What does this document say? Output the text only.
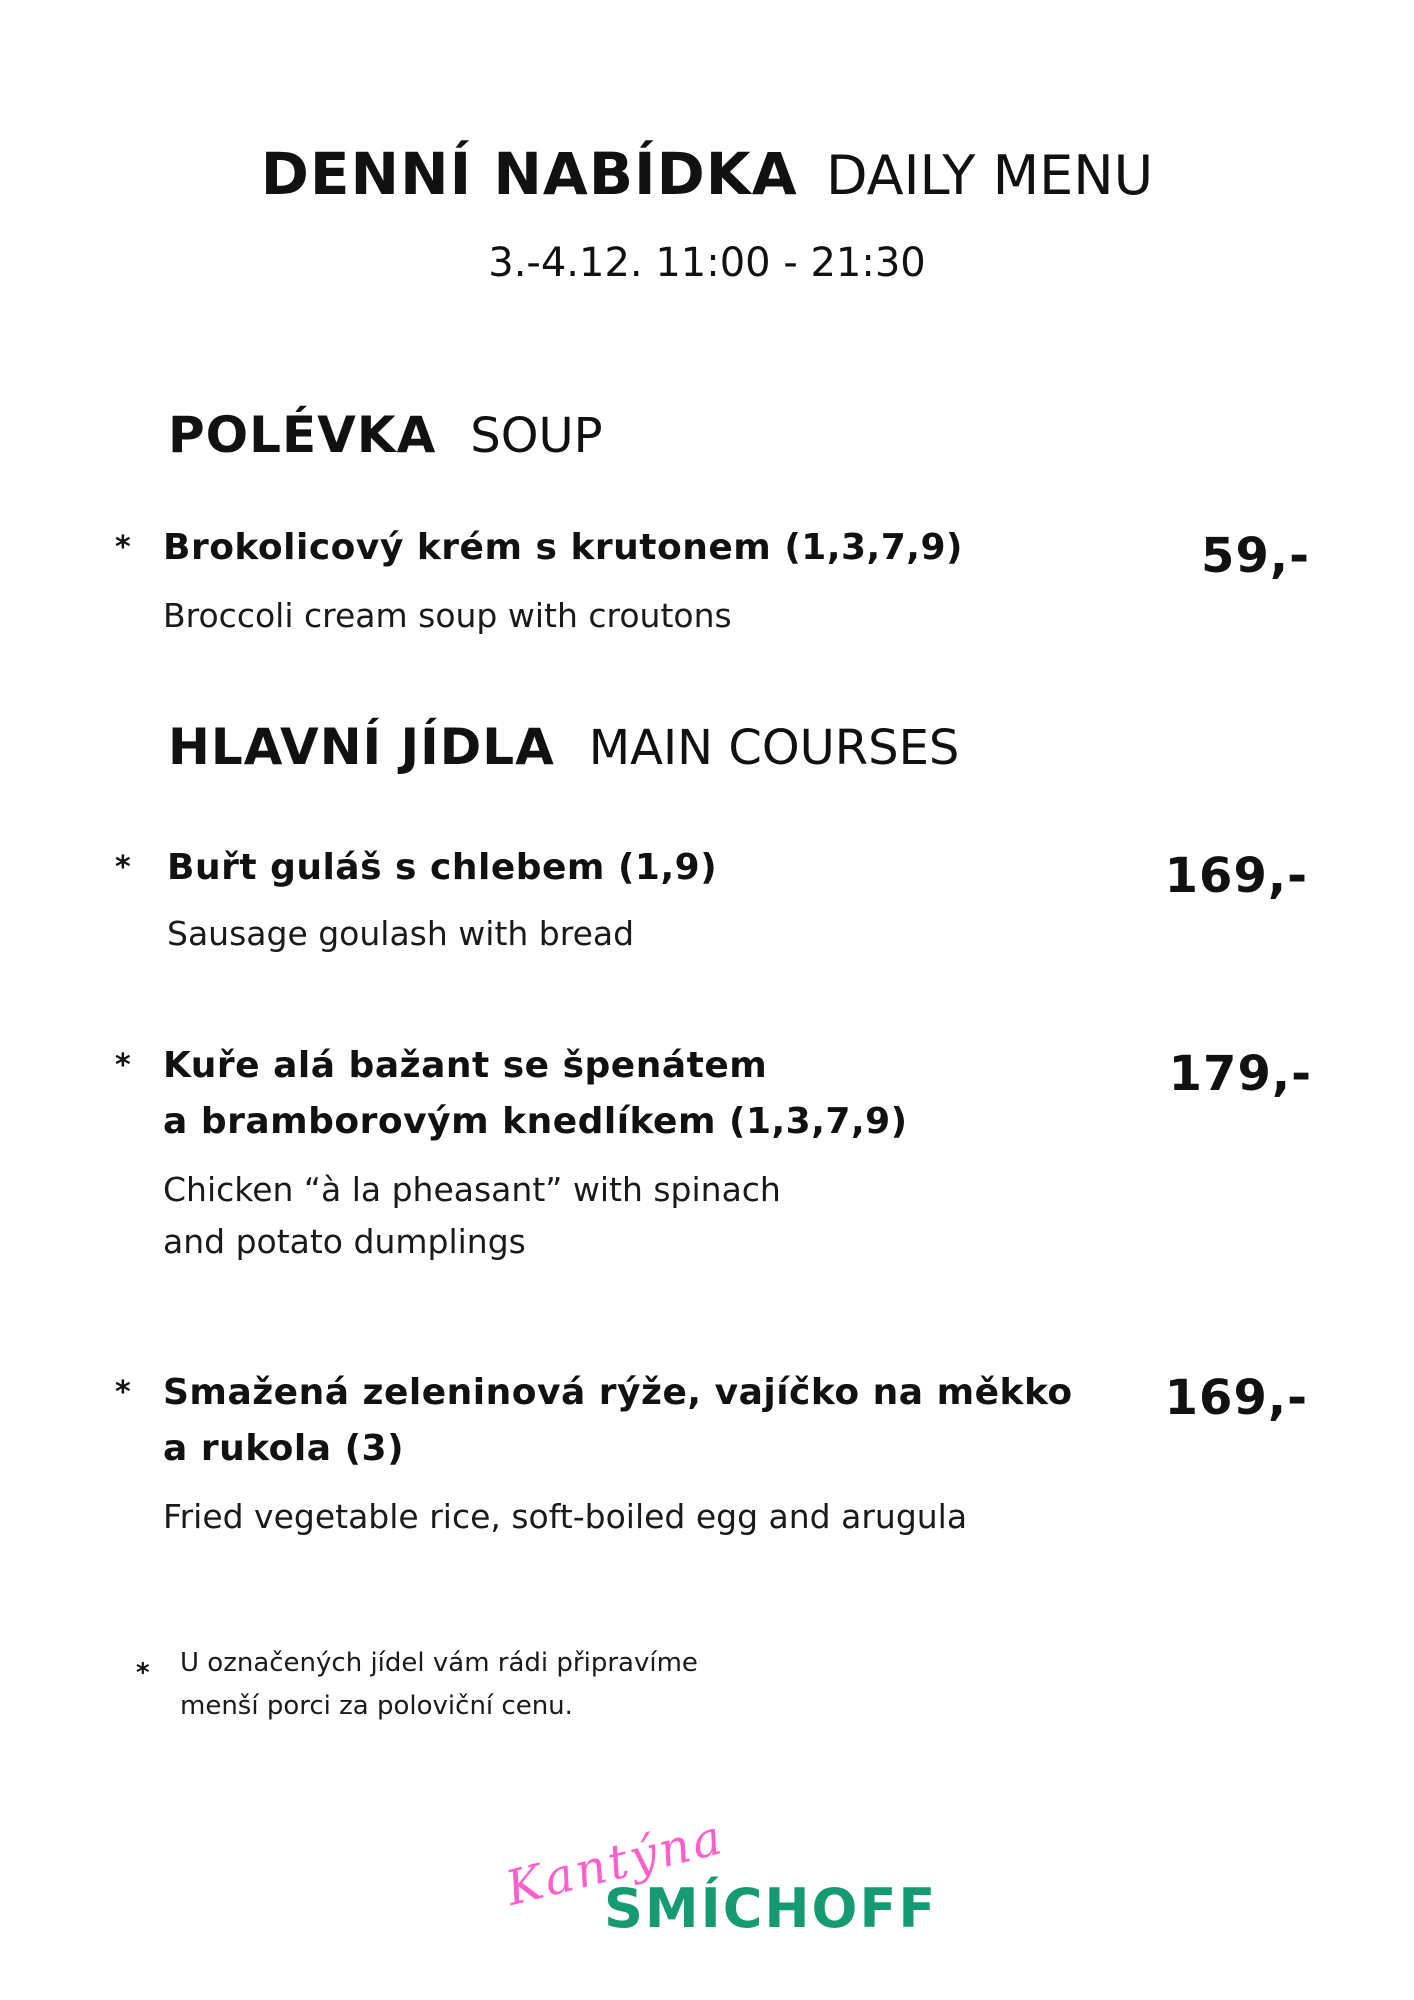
DENNÍ NABÍDKA DAILY MENU
3.-4.12. 11:00 - 21:30
POLÉVKA SOUP
* Brokolicový krém s krutonem (1,3,7,9)
Broccoli cream soup with croutons
59,-
HLAVNÍ JÍDLA MAIN COURSES
* Buřt guláš s chlebem (1,9)
Sausage goulash with bread
169,-
* Kuře alá bažant se špenátem
a bramborovým knedlíkem (1,3,7,9)
Chicken “à la pheasant” with spinach
and potato dumplings
179,-
* Smažená zeleninová rýže, vajíčko na měkko
a rukola (3)
Fried vegetable rice, soft-boiled egg and arugula
169,-
* U označených jídel vám rádi připravíme
menší porci za poloviční cenu.
Kantýna
SMÍCHOFF
